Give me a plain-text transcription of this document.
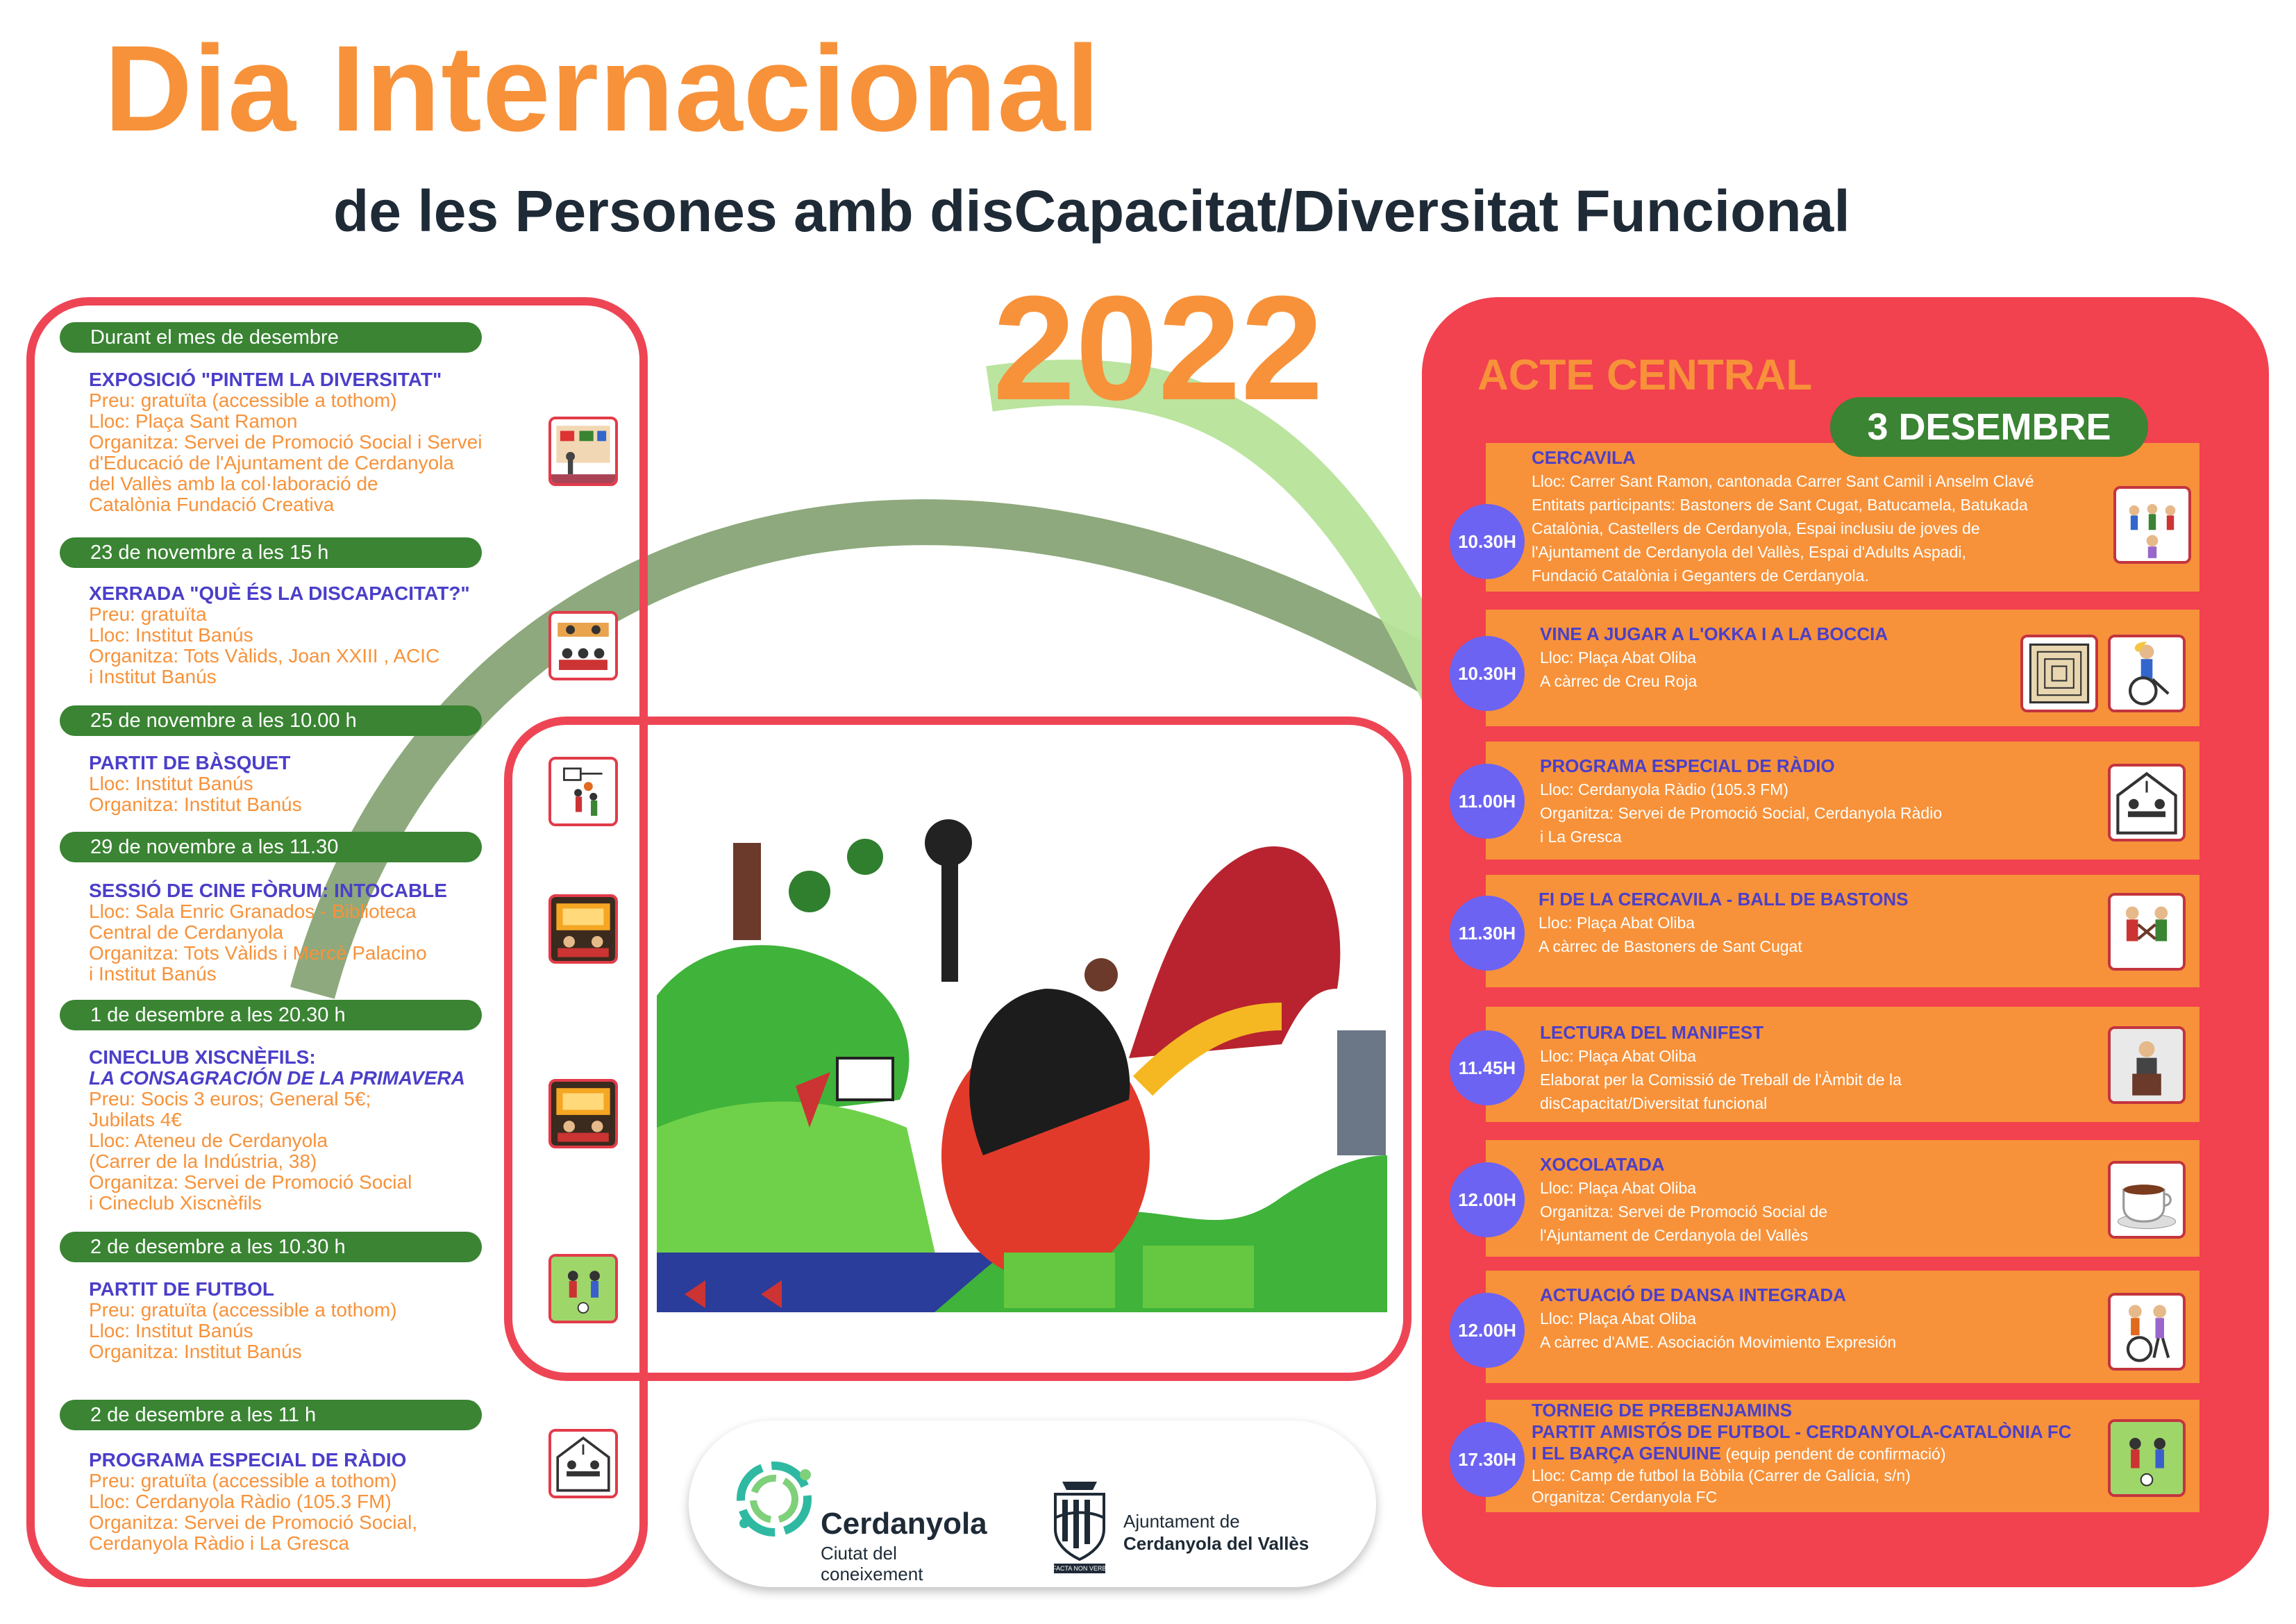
Dia Internacional
de les Persones amb disCapacitat/Diversitat Funcional
2022
Durant el mes de desembre
EXPOSICIÓ "PINTEM LA DIVERSITAT"
Preu: gratuïta (accessible a tothom)
Lloc: Plaça Sant Ramon
Organitza: Servei de Promoció Social i Servei
d'Educació de l'Ajuntament de Cerdanyola
del Vallès amb la col·laboració de
Catalònia Fundació Creativa
23 de novembre a les 15 h
XERRADA "QUÈ ÉS LA DISCAPACITAT?"
Preu: gratuïta
Lloc: Institut Banús
Organitza: Tots Vàlids, Joan XXIII , ACIC
i Institut Banús
25 de novembre a les 10.00 h
PARTIT DE BÀSQUET
Lloc: Institut Banús
Organitza: Institut Banús
29 de novembre a les 11.30
SESSIÓ DE CINE FÒRUM: INTOCABLE
Lloc: Sala Enric Granados - Biblioteca
Central de Cerdanyola
Organitza: Tots Vàlids i Mercè Palacino
i Institut Banús
1 de desembre a les 20.30 h
CINECLUB XISCNÈFILS:
LA CONSAGRACIÓN DE LA PRIMAVERA
Preu: Socis 3 euros; General 5€;
Jubilats 4€
Lloc: Ateneu de Cerdanyola
(Carrer de la Indústria, 38)
Organitza: Servei de Promoció Social
i Cineclub Xiscnèfils
2 de desembre a les 10.30 h
PARTIT DE FUTBOL
Preu: gratuïta (accessible a tothom)
Lloc: Institut Banús
Organitza: Institut Banús
2 de desembre a les 11 h
PROGRAMA ESPECIAL DE RÀDIO
Preu: gratuïta (accessible a tothom)
Lloc: Cerdanyola Ràdio (105.3 FM)
Organitza: Servei de Promoció Social,
Cerdanyola Ràdio i La Gresca
ACTE CENTRAL
10.30H
CERCAVILA
Lloc: Carrer Sant Ramon, cantonada Carrer Sant Camil i Anselm Clavé
Entitats participants: Bastoners de Sant Cugat, Batucamela, Batukada
Catalònia, Castellers de Cerdanyola, Espai inclusiu de joves de
l'Ajuntament de Cerdanyola del Vallès, Espai d'Adults Aspadi,
Fundació Catalònia i Geganters de Cerdanyola.
10.30H
VINE A JUGAR A L'OKKA I A LA BOCCIA
Lloc: Plaça Abat Oliba
A càrrec de Creu Roja
11.00H
PROGRAMA ESPECIAL DE RÀDIO
Lloc: Cerdanyola Ràdio (105.3 FM)
Organitza: Servei de Promoció Social, Cerdanyola Ràdio
i La Gresca
11.30H
FI DE LA CERCAVILA - BALL DE BASTONS
Lloc: Plaça Abat Oliba
A càrrec de Bastoners de Sant Cugat
11.45H
LECTURA DEL MANIFEST
Lloc: Plaça Abat Oliba
Elaborat per la Comissió de Treball de l'Àmbit de la
disCapacitat/Diversitat funcional
12.00H
XOCOLATADA
Lloc: Plaça Abat Oliba
Organitza: Servei de Promoció Social de
l'Ajuntament de Cerdanyola del Vallès
12.00H
ACTUACIÓ DE DANSA INTEGRADA
Lloc: Plaça Abat Oliba
A càrrec d'AME. Asociación Movimiento Expresión
17.30H
TORNEIG DE PREBENJAMINS
PARTIT AMISTÓS DE FUTBOL - CERDANYOLA-CATALÒNIA FC
I EL BARÇA GENUINE (equip pendent de confirmació)
Lloc: Camp de futbol la Bòbila (Carrer de Galícia, s/n)
Organitza: Cerdanyola FC
3 DESEMBRE
Cerdanyola
Ciutat del coneixement	FACTA NON VERBA
Ajuntament de
Cerdanyola del Vallès
